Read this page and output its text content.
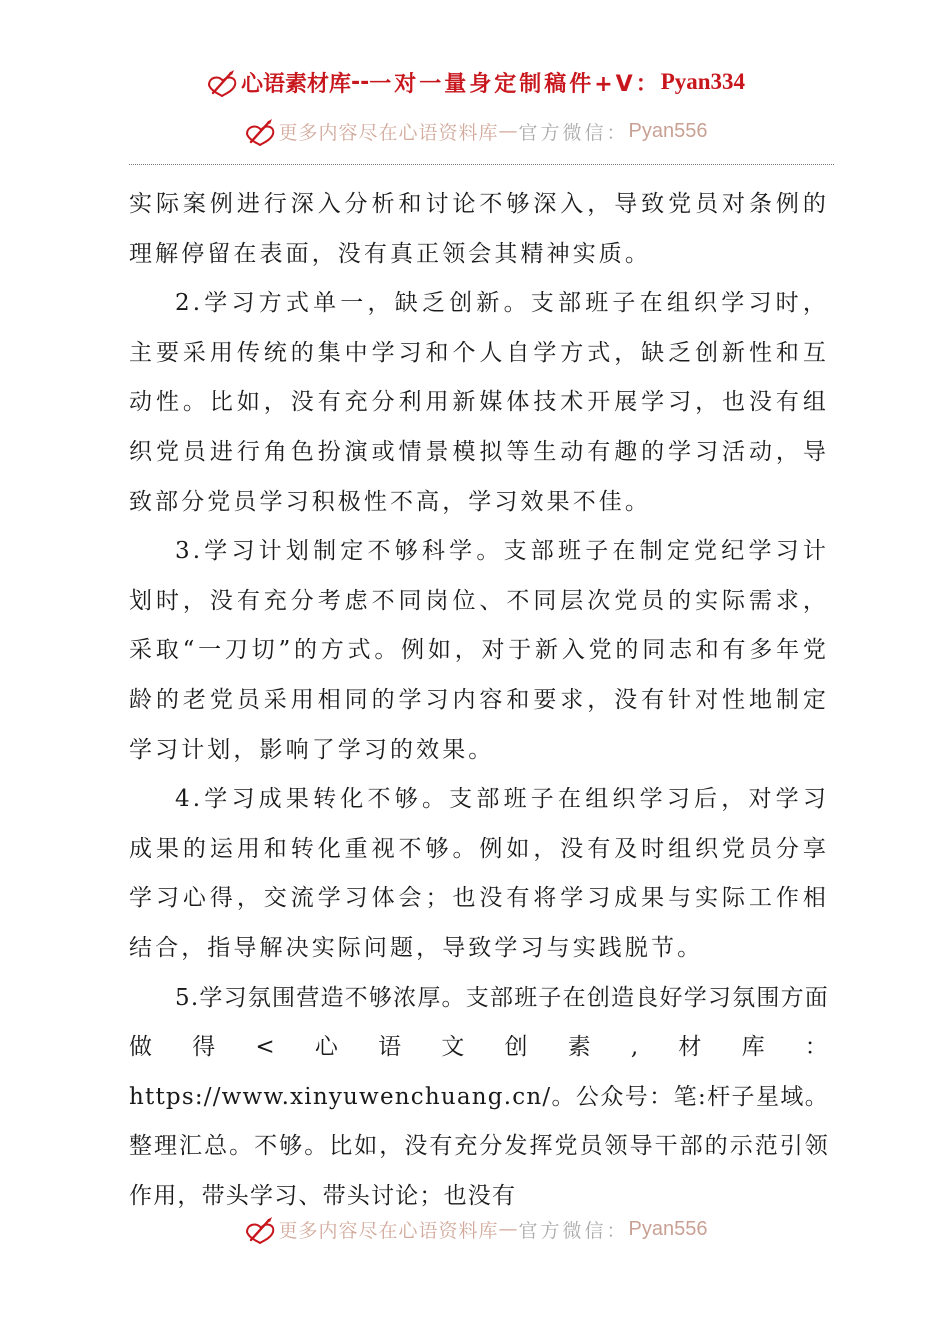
心语素材库 -- 一对一量身定制稿件 +V： Pyan334
更多内容尽在心语资料库 — 官方微信： Pyan556

实际案例进行深入分析和讨论不够深入，导致党员对条例的理解停留在表面，没有真正领会其精神实质。

2.学习方式单一，缺乏创新。支部班子在组织学习时，主要采用传统的集中学习和个人自学方式，缺乏创新性和互动性。比如，没有充分利用新媒体技术开展学习，也没有组织党员进行角色扮演或情景模拟等生动有趣的学习活动，导致部分党员学习积极性不高，学习效果不佳。

3.学习计划制定不够科学。支部班子在制定党纪学习计划时，没有充分考虑不同岗位、不同层次党员的实际需求，采取“一刀切”的方式。例如，对于新入党的同志和有多年党龄的老党员采用相同的学习内容和要求，没有针对性地制定学习计划，影响了学习的效果。

4.学习成果转化不够。支部班子在组织学习后，对学习成果的运用和转化重视不够。例如，没有及时组织党员分享学习心得，交流学习体会；也没有将学习成果与实际工作相结合，指导解决实际问题，导致学习与实践脱节。

5.学习氛围营造不够浓厚。支部班子在创造良好学习氛围方面做得<心语文创素,材库：https://www.xinyuwenchuang.cn/。公众号：笔:杆子星域。整理汇总。不够。比如，没有充分发挥党员领导干部的示范引领作用，带头学习、带头讨论；也没有

更多内容尽在心语资料库 — 官方微信： Pyan556
